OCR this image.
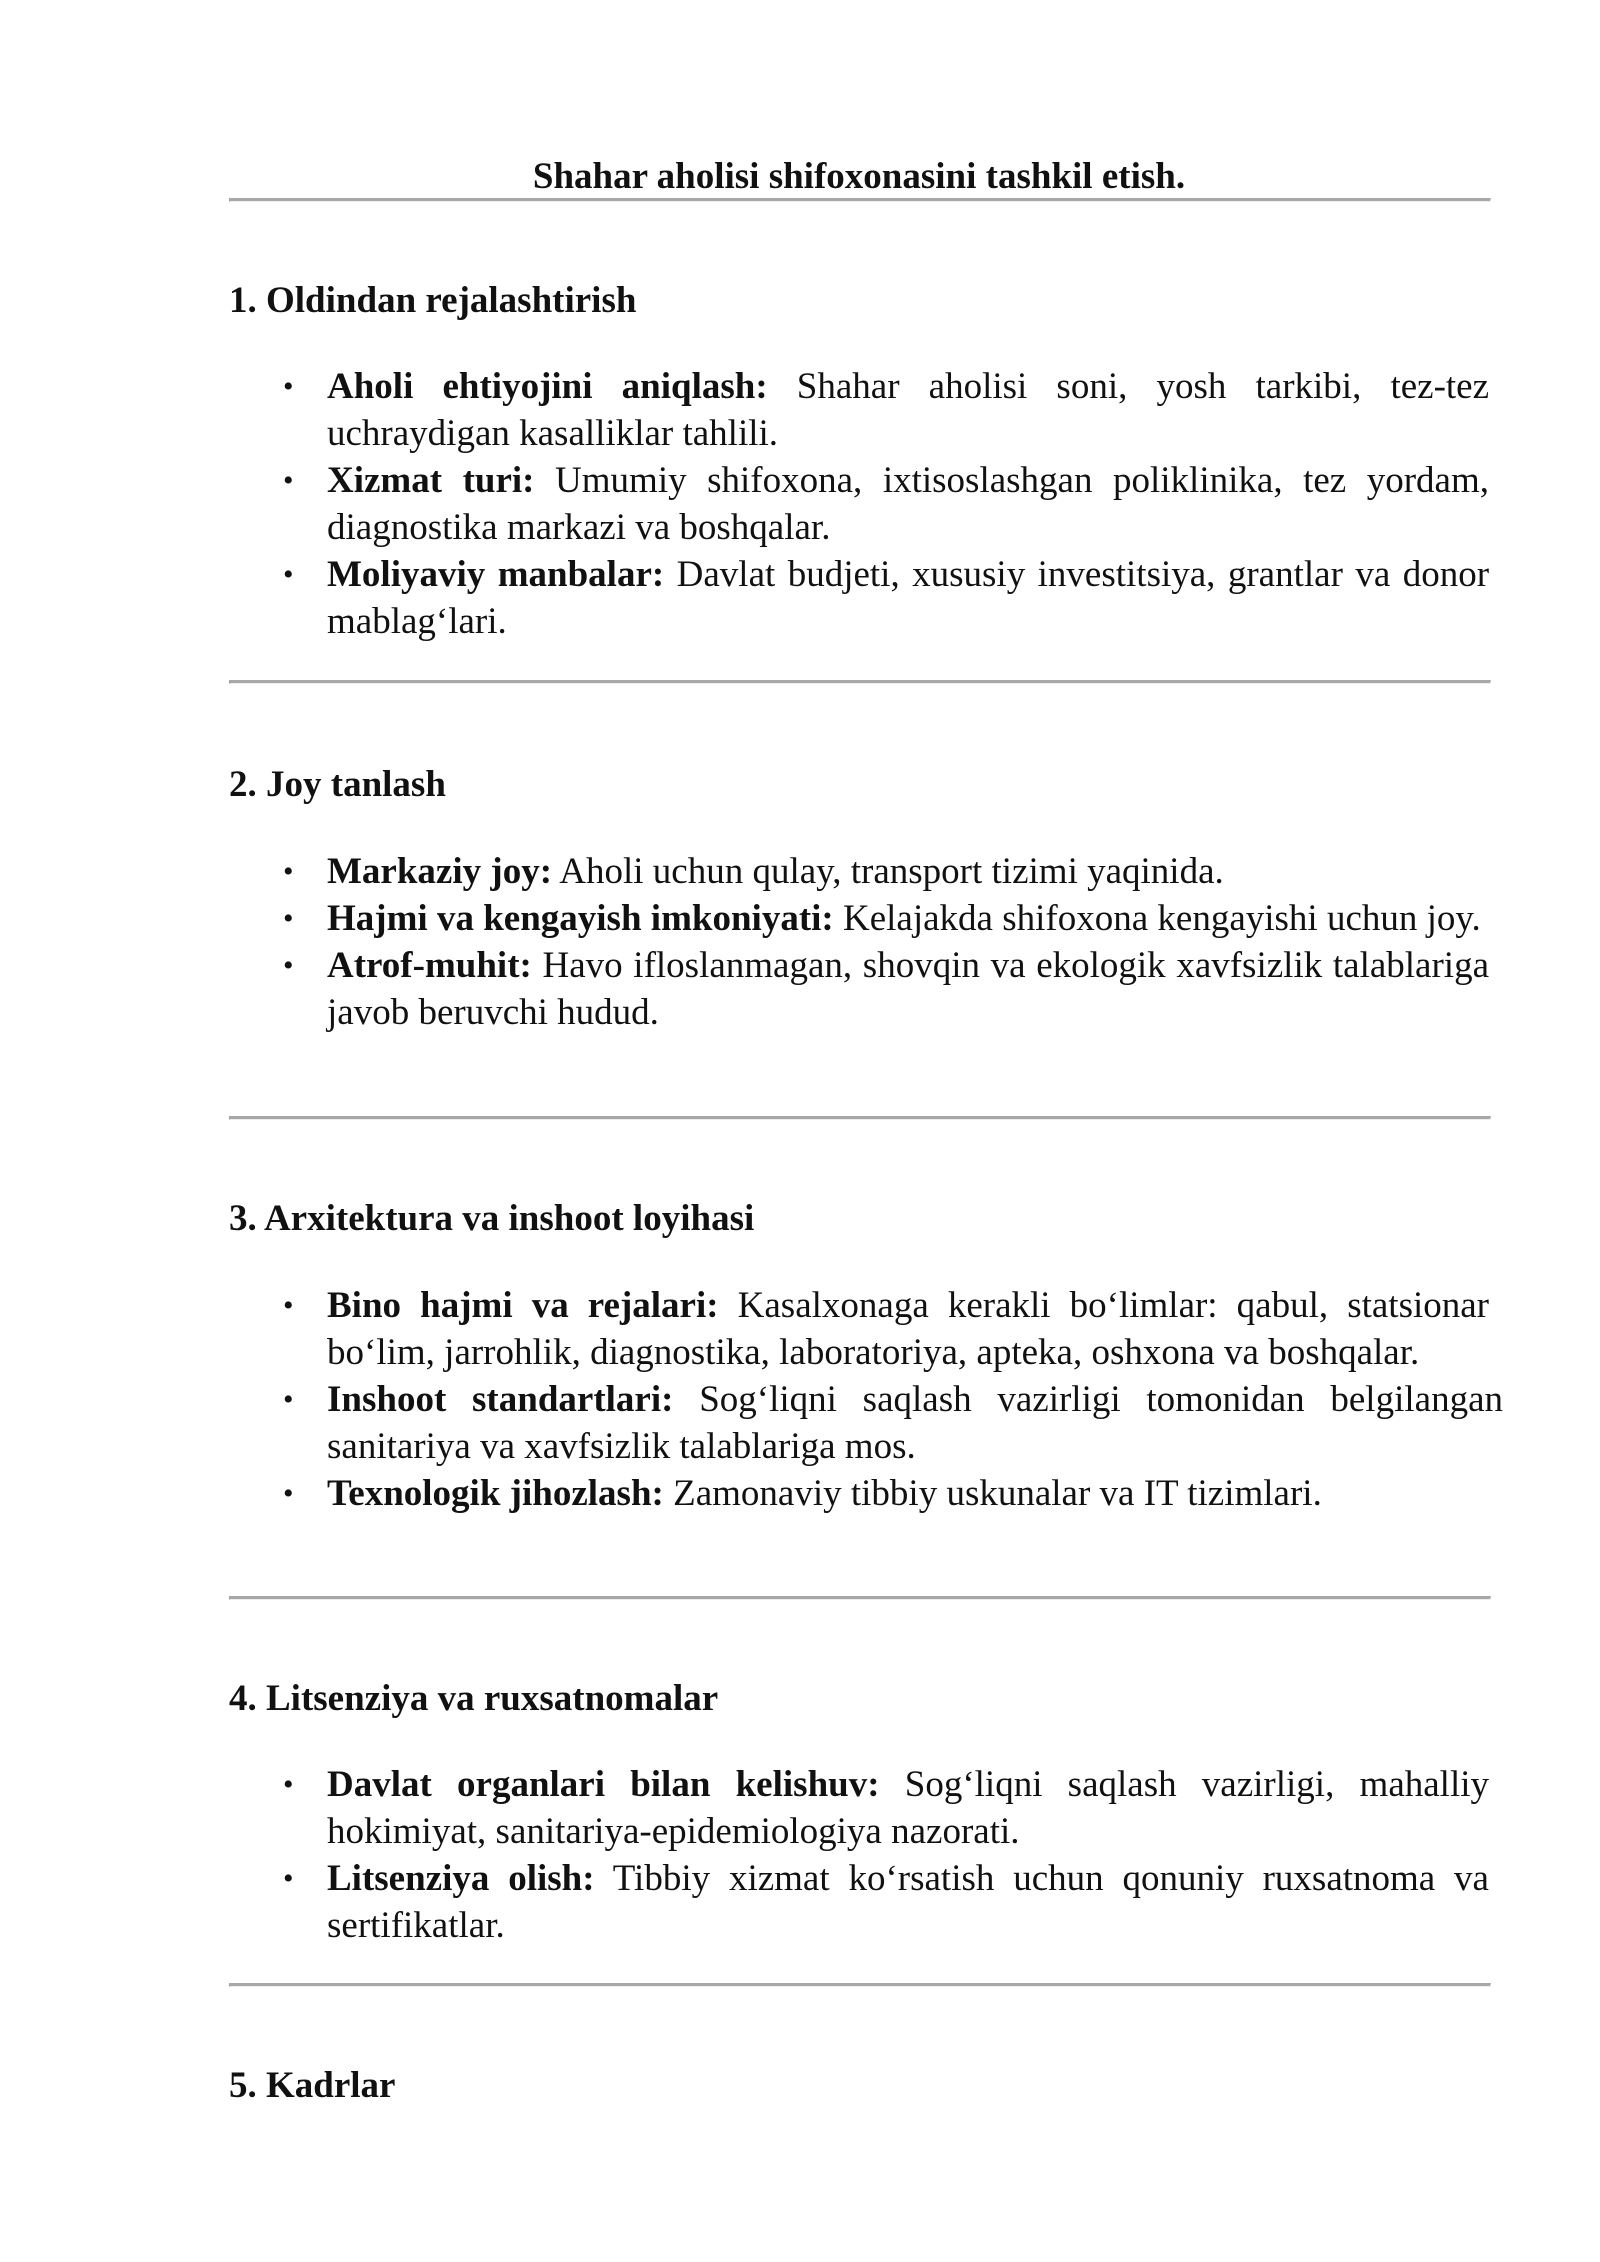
Shahar aholisi shifoxonasini tashkil etish.
1. Oldindan rejalashtirish
• Aholi ehtiyojini aniqlash: Shahar aholisi soni, yosh tarkibi, tez-tez uchraydigan kasalliklar tahlili.
• Xizmat turi: Umumiy shifoxona, ixtisoslashgan poliklinika, tez yordam, diagnostika markazi va boshqalar.
• Moliyaviy manbalar: Davlat budjeti, xususiy investitsiya, grantlar va donor mablag‘lari.
2. Joy tanlash
• Markaziy joy: Aholi uchun qulay, transport tizimi yaqinida.
• Hajmi va kengayish imkoniyati: Kelajakda shifoxona kengayishi uchun joy.
• Atrof-muhit: Havo ifloslanmagan, shovqin va ekologik xavfsizlik talablariga javob beruvchi hudud.
3. Arxitektura va inshoot loyihasi
• Bino hajmi va rejalari: Kasalxonaga kerakli bo‘limlar: qabul, statsionar bo‘lim, jarrohlik, diagnostika, laboratoriya, apteka, oshxona va boshqalar.
• Inshoot standartlari: Sog‘liqni saqlash vazirligi tomonidan belgilangan sanitariya va xavfsizlik talablariga mos.
• Texnologik jihozlash: Zamonaviy tibbiy uskunalar va IT tizimlari.
4. Litsenziya va ruxsatnomalar
• Davlat organlari bilan kelishuv: Sog‘liqni saqlash vazirligi, mahalliy hokimiyat, sanitariya-epidemiologiya nazorati.
• Litsenziya olish: Tibbiy xizmat ko‘rsatish uchun qonuniy ruxsatnoma va sertifikatlar.
5. Kadrlar
